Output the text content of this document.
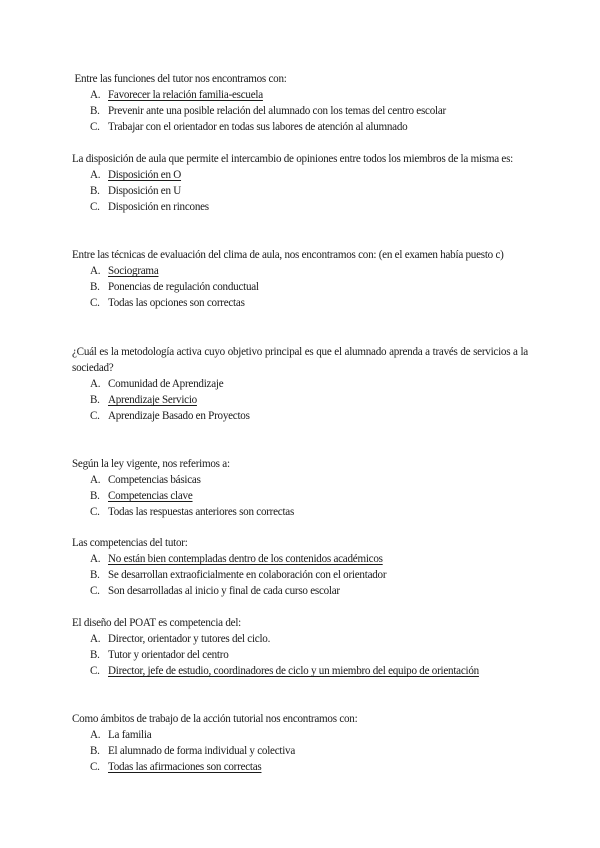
Entre las funciones del tutor nos encontramos con:

A. Favorecer la relación familia-escuela
B. Prevenir ante una posible relación del alumnado con los temas del centro escolar
C. Trabajar con el orientador en todas sus labores de atención al alumnado

La disposición de aula que permite el intercambio de opiniones entre todos los miembros de la misma es:

A. Disposición en O
B. Disposición en U
C. Disposición en rincones

Entre las técnicas de evaluación del clima de aula, nos encontramos con: (en el examen había puesto c)

A. Sociograma
B. Ponencias de regulación conductual
C. Todas las opciones son correctas

¿Cuál es la metodología activa cuyo objetivo principal es que el alumnado aprenda a través de servicios a la sociedad?

A. Comunidad de Aprendizaje
B. Aprendizaje Servicio
C. Aprendizaje Basado en Proyectos

Según la ley vigente, nos referimos a:

A. Competencias básicas
B. Competencias clave
C. Todas las respuestas anteriores son correctas

Las competencias del tutor:

A. No están bien contempladas dentro de los contenidos académicos
B. Se desarrollan extraoficialmente en colaboración con el orientador
C. Son desarrolladas al inicio y final de cada curso escolar

El diseño del POAT es competencia del:

A. Director, orientador y tutores del ciclo.
B. Tutor y orientador del centro
C. Director, jefe de estudio, coordinadores de ciclo y un miembro del equipo de orientación

Como ámbitos de trabajo de la acción tutorial nos encontramos con:

A. La familia
B. El alumnado de forma individual y colectiva
C. Todas las afirmaciones son correctas
